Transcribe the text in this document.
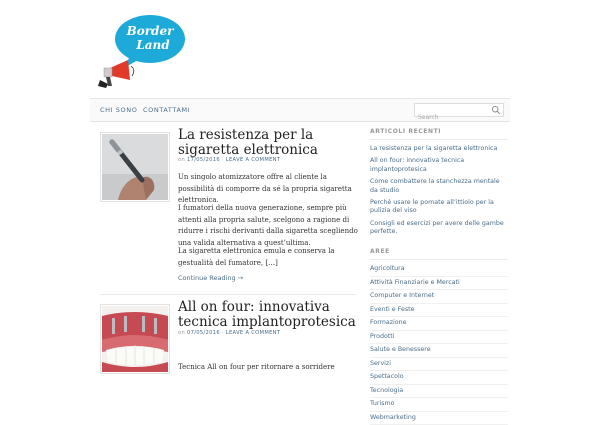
Border
Land
CHI SONO CONTATTAMI
Search
La resistenza per la sigaretta elettronica
on 17/05/2016 · LEAVE A COMMENT

Un singolo atomizzatore offre al cliente la possibilità di comporre da sé la propria sigaretta elettronica.

I fumatori della nuova generazione, sempre più attenti alla propria salute, scelgono a ragione di ridurre i rischi derivanti dalla sigaretta scegliendo una valida alternativa a quest’ultima.

La sigaretta elettronica emula e conserva la gestualità del fumatore, […]

Continue Reading →
All on four: innovativa tecnica implantoprotesica
on 07/05/2016 · LEAVE A COMMENT

Tecnica All on four per ritornare a sorridere

ARTICOLI RECENTI
La resistenza per la sigaretta elettronica
All on four: innovativa tecnica implantoprotesica
Come combattere la stanchezza mentale da studio
Perché usare le pomate all’ittiolo per la pulizia del viso
Consigli ed esercizi per avere delle gambe perfette.
AREE
Agricoltura
Attività Finanziarie e Mercati
Computer e Internet
Eventi e Feste
Formazione
Prodotti
Salute e Benessere
Servizi
Spettacolo
Tecnologia
Turismo
Webmarketing
